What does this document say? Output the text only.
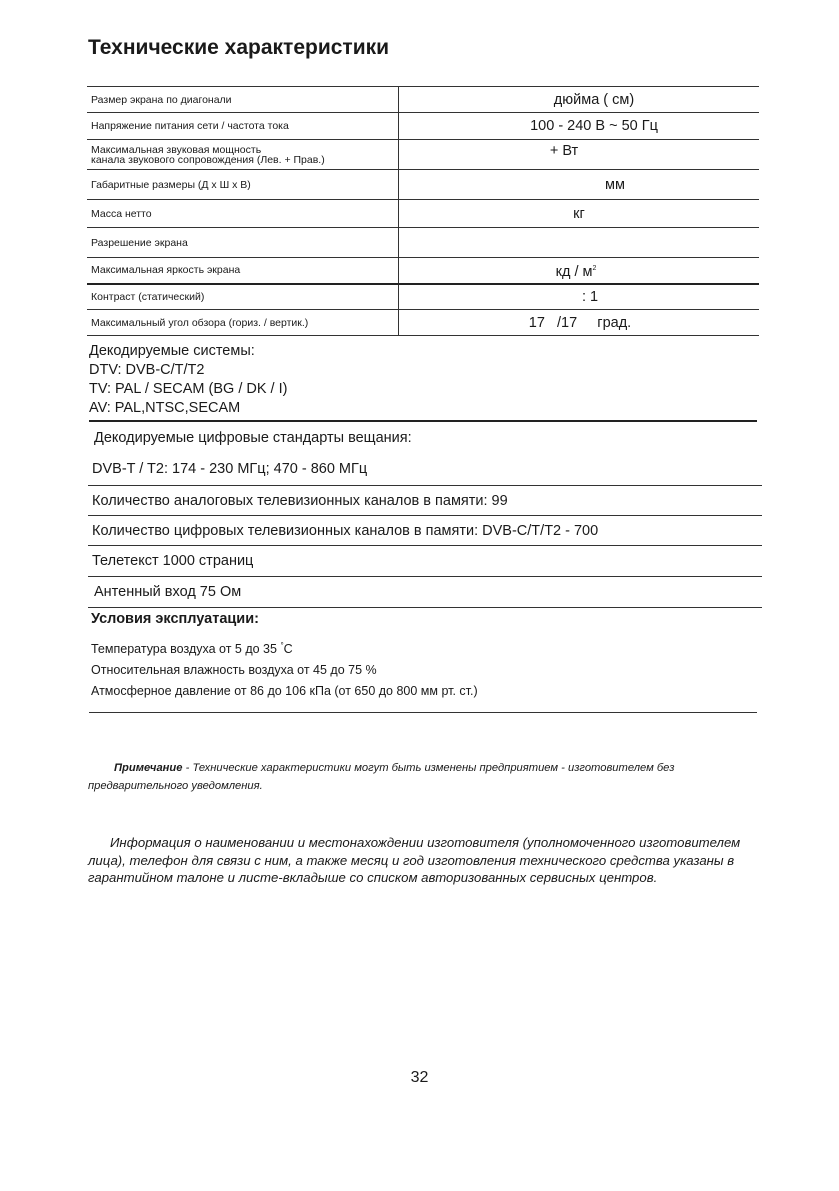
Технические характеристики
Размер экрана по диагонали	дюйма ( см)
Напряжение питания сети / частота тока	100 - 240 В ~ 50 Гц

Максимальная звуковая мощность
канала звукового сопровождения (Лев. + Прав.)	+ Вт
Габаритные размеры (Д х Ш х В)	мм
Масса нетто	кг
Разрешение экрана	
Максимальная яркость экрана	кд / $м^2$
Контраст (статический)	: 1
Максимальный угол обзора (гориз. / вертик.)	17   /17     град.
Декодируемые системы:
DTV: DVB-C/T/T2
TV: PAL / SECAM (BG / DK / I)
AV: PAL,NTSC,SECAM
Декодируемые цифровые стандарты вещания:
DVB-T / T2: 174 - 230 МГц; 470 - 860 МГц
Количество аналоговых телевизионных каналов в памяти: 99
Количество цифровых телевизионных каналов в памяти: DVB-C/T/T2 - 700
Телетекст 1000 страниц
Антенный вход 75 Ом
Условия эксплуатации:
Температура воздуха от 5 до 35 °С
Относительная влажность воздуха от 45 до 75 %
Атмосферное давление от 86 до 106 кПа (от 650 до 800 мм рт. ст.)
Примечание - Технические характеристики могут быть изменены предприятием - изготовителем без предварительного уведомления.
Информация о наименовании и местонахождении изготовителя (уполномоченного изготовителем лица), телефон для связи с ним, а также месяц и год изготовления технического средства указаны в гарантийном талоне и листе-вкладыше со списком авторизованных сервисных центров.
32
